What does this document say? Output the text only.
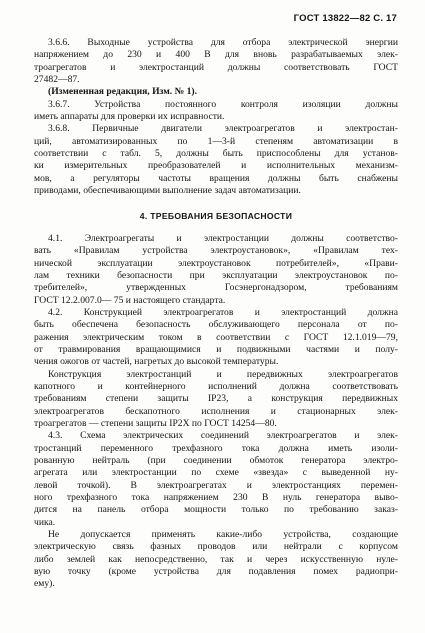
ГОСТ 13822—82 С. 17
3.6.6. Выходные устройства для отбора электрической энергии
напряжением до 230 и 400 В для вновь разрабатываемых элек-
троагрегатов и электростанций должны соответствовать ГОСТ
27482—87.
(Измененная редакция, Изм. № 1).
3.6.7. Устройства постоянного контроля изоляции должны
иметь аппараты для проверки их исправности.
3.6.8. Первичные двигатели электроагрегатов и электростан-
ций, автоматизированных по 1—3-й степеням автоматизации в
соответствии с табл. 5, должны быть приспособлены для установ-
ки измерительных преобразователей и исполнительных механизм-
мов, а регуляторы частоты вращения должны быть снабжены
приводами, обеспечивающими выполнение задач автоматизации.
4. ТРЕБОВАНИЯ БЕЗОПАСНОСТИ
4.1. Электроагрегаты и электростанции должны соответство-
вать «Правилам устройства электроустановок», «Правилам тех-
нической эксплуатации электроустановок потребителей», «Прави-
лам техники безопасности при эксплуатации электроустановок по-
требителей», утвержденных Госэнергонадзором, требованиям
ГОСТ 12.2.007.0— 75 и настоящего стандарта.
4.2. Конструкцией электроагрегатов и электростанций должна
быть обеспечена безопасность обслуживающего персонала от по-
ражения электрическим током в соответствии с ГОСТ 12.1.019—79,
от травмирования вращающимися и подвижными частями и полу-
чения ожогов от частей, нагретых до высокой температуры.
Конструкция электростанций и передвижных электроагрегатов
капотного и контейнерного исполнений должна соответствовать
требованиям степени защиты IP23, а конструкция передвижных
электроагрегатов бескапотного исполнения и стационарных элек-
троагрегатов — степени защиты IP2X по ГОСТ 14254—80.
4.3. Схема электрических соединений электроагрегатов и элек-
тростанций переменного трехфазного тока должна иметь изоли-
рованную нейтраль (при соединении обмоток генератора электро-
агрегата или электростанции по схеме «звезда» с выведенной ну-
левой точкой). В электроагрегатах и электростанциях перемен-
ного трехфазного тока напряжением 230 В нуль генератора выво-
дится на панель отбора мощности только по требованию заказ-
чика.
Не допускается применять какие-либо устройства, создающие
электрическую связь фазных проводов или нейтрали с корпусом
либо землей как непосредственно, так и через искусственную нуле-
вую точку (кроме устройства для подавления помех радиопри-
ему).
